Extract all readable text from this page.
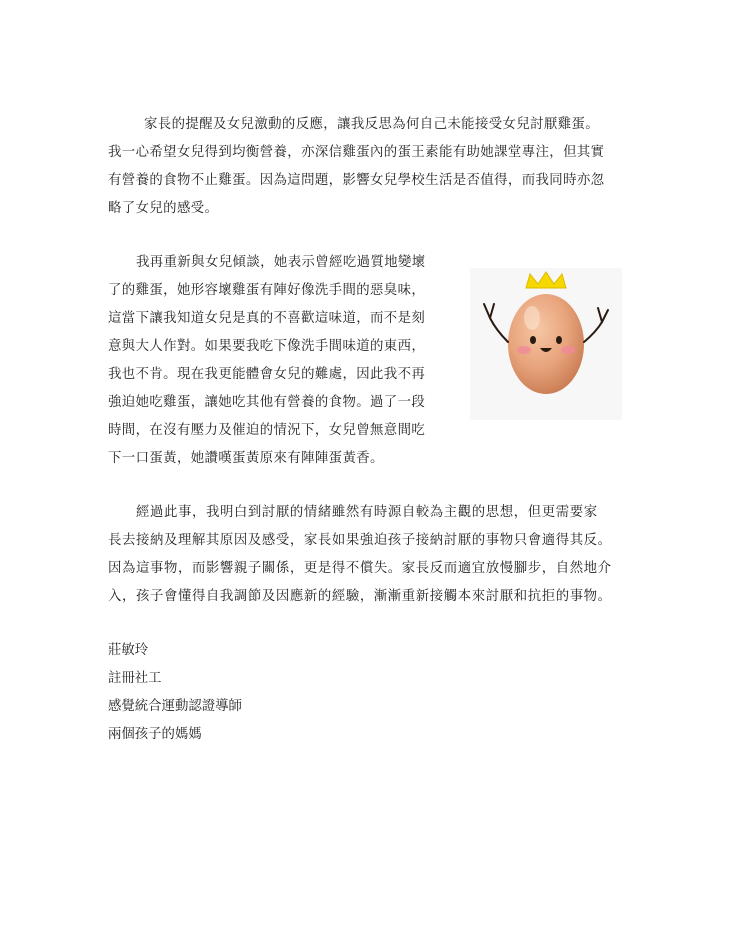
家長的提醒及女兒激動的反應，讓我反思為何自己未能接受女兒討厭雞蛋。
我一心希望女兒得到均衡營養，亦深信雞蛋內的蛋王素能有助她課堂專注，但其實
有營養的食物不止雞蛋。因為這問題，影響女兒學校生活是否值得，而我同時亦忽
略了女兒的感受。
我再重新與女兒傾談，她表示曾經吃過質地變壞
了的雞蛋，她形容壞雞蛋有陣好像洗手間的惡臭味，
這當下讓我知道女兒是真的不喜歡這味道，而不是刻
意與大人作對。如果要我吃下像洗手間味道的東西，
我也不肯。現在我更能體會女兒的難處，因此我不再
強迫她吃雞蛋，讓她吃其他有營養的食物。過了一段
時間，在沒有壓力及催迫的情況下，女兒曾無意間吃
下一口蛋黃，她讚嘆蛋黃原來有陣陣蛋黃香。
經過此事，我明白到討厭的情緒雖然有時源自較為主觀的思想，但更需要家
長去接納及理解其原因及感受，家長如果強迫孩子接納討厭的事物只會適得其反。
因為這事物，而影響親子關係，更是得不償失。家長反而適宜放慢腳步，自然地介
入，孩子會懂得自我調節及因應新的經驗，漸漸重新接觸本來討厭和抗拒的事物。
莊敏玲
註冊社工
感覺統合運動認證導師
兩個孩子的媽媽
